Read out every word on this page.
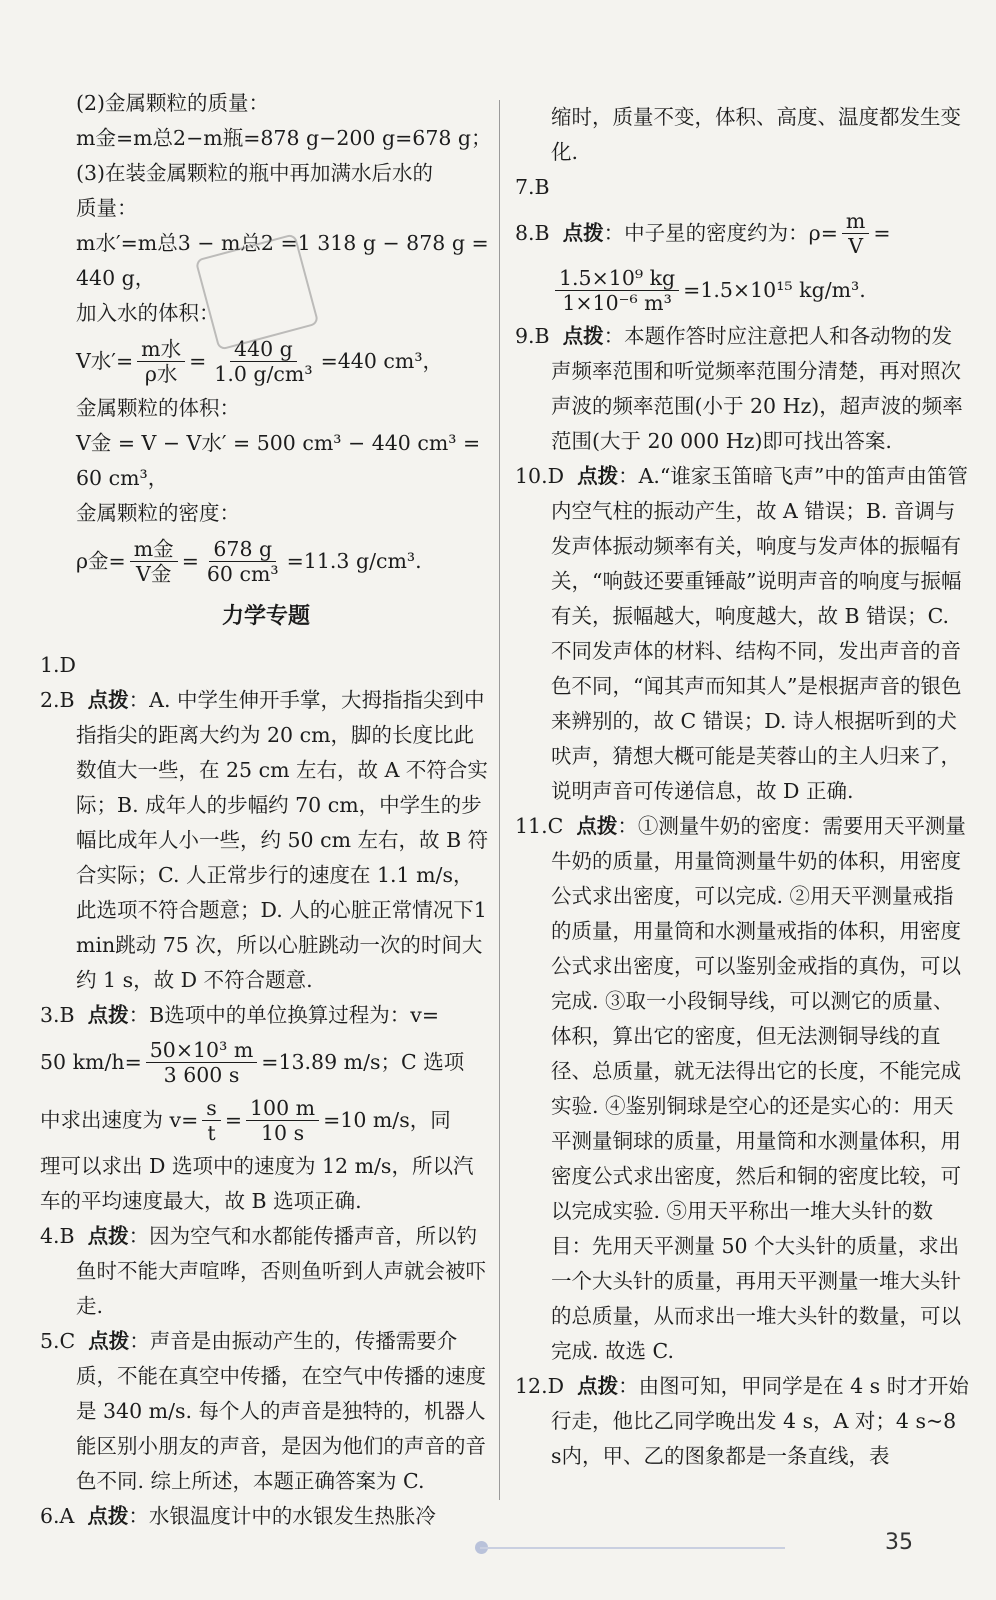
(2)金属颗粒的质量：

m金=m总2−m瓶=878 g−200 g=678 g；

(3)在装金属颗粒的瓶中再加满水后水的

质量：

m水′=m总3 − m总2 =1 318 g − 878 g =

440 g，

加入水的体积：

V水′= $\frac{\text{m水}}{\text{ρ水}} = \frac{440 g}{\text{1.0 g/cm³}} =440$ cm³，

金属颗粒的体积：

V金 = V − V水′ = 500 cm³ − 440 cm³ =

60 cm³，

金属颗粒的密度：

ρ金= $\frac{\text{m金}}{\text{V金}} = \frac{678 g}{\text{60 cm³}} =11.3$ g/cm³.
力学专题

1.D

2.B 点拨：A. 中学生伸开手掌，大拇指指尖到中指指尖的距离大约为 20 cm，脚的长度比此数值大一些，在 25 cm 左右，故 A 不符合实际；B. 成年人的步幅约 70 cm，中学生的步幅比成年人小一些，约 50 cm 左右，故 B 符合实际；C. 人正常步行的速度在 1.1 m/s，此选项不符合题意；D. 人的心脏正常情况下1 min跳动 75 次，所以心脏跳动一次的时间大约 1 s，故 D 不符合题意.

3.B 点拨：B选项中的单位换算过程为：v=

50 $km/h= \frac{\text{50×10³ m}}{3 600 s} =13.89$ m/s；C 选项
中求出速度为 $v= \frac{s}{t} = \frac{100 m}{10 s} =10$ m/s，同

理可以求出 D 选项中的速度为 12 m/s，所以汽车的平均速度最大，故 B 选项正确.

4.B 点拨：因为空气和水都能传播声音，所以钓鱼时不能大声喧哗，否则鱼听到人声就会被吓走.

5.C 点拨：声音是由振动产生的，传播需要介质，不能在真空中传播，在空气中传播的速度是 340 m/s. 每个人的声音是独特的，机器人能区别小朋友的声音，是因为他们的声音的音色不同. 综上所述，本题正确答案为 C.

6.A 点拨：水银温度计中的水银发生热胀冷

缩时，质量不变，体积、高度、温度都发生变化.

7.B

8.B
点拨 ：中子星的密度约为：$\rho= \frac{m}{V}$ =
$\frac{\text{1.5×10⁹ kg}}{\text{1×10⁻⁶ m³}} =1.5\times 10^{15}$ kg/m³.

9.B 点拨：本题作答时应注意把人和各动物的发声频率范围和听觉频率范围分清楚，再对照次声波的频率范围(小于 20 Hz)，超声波的频率范围(大于 20 000 Hz)即可找出答案.

10.D 点拨：A.“谁家玉笛暗飞声”中的笛声由笛管内空气柱的振动产生，故 A 错误；B. 音调与发声体振动频率有关，响度与发声体的振幅有关，“响鼓还要重锤敲”说明声音的响度与振幅有关，振幅越大，响度越大，故 B 错误；C. 不同发声体的材料、结构不同，发出声音的音色不同，“闻其声而知其人”是根据声音的银色来辨别的，故 C 错误；D. 诗人根据听到的犬吠声，猜想大概可能是芙蓉山的主人归来了，说明声音可传递信息，故 D 正确.

11.C 点拨：①测量牛奶的密度：需要用天平测量牛奶的质量，用量筒测量牛奶的体积，用密度公式求出密度，可以完成. ②用天平测量戒指的质量，用量筒和水测量戒指的体积，用密度公式求出密度，可以鉴别金戒指的真伪，可以完成. ③取一小段铜导线，可以测它的质量、体积，算出它的密度，但无法测铜导线的直径、总质量，就无法得出它的长度，不能完成实验. ④鉴别铜球是空心的还是实心的：用天平测量铜球的质量，用量筒和水测量体积，用密度公式求出密度，然后和铜的密度比较，可以完成实验. ⑤用天平称出一堆大头针的数目：先用天平测量 50 个大头针的质量，求出一个大头针的质量，再用天平测量一堆大头针的总质量，从而求出一堆大头针的数量，可以完成. 故选 C.

12.D 点拨：由图可知，甲同学是在 4 s 时才开始行走，他比乙同学晚出发 4 s，A 对；4 s~8 s内，甲、乙的图象都是一条直线，表

35
